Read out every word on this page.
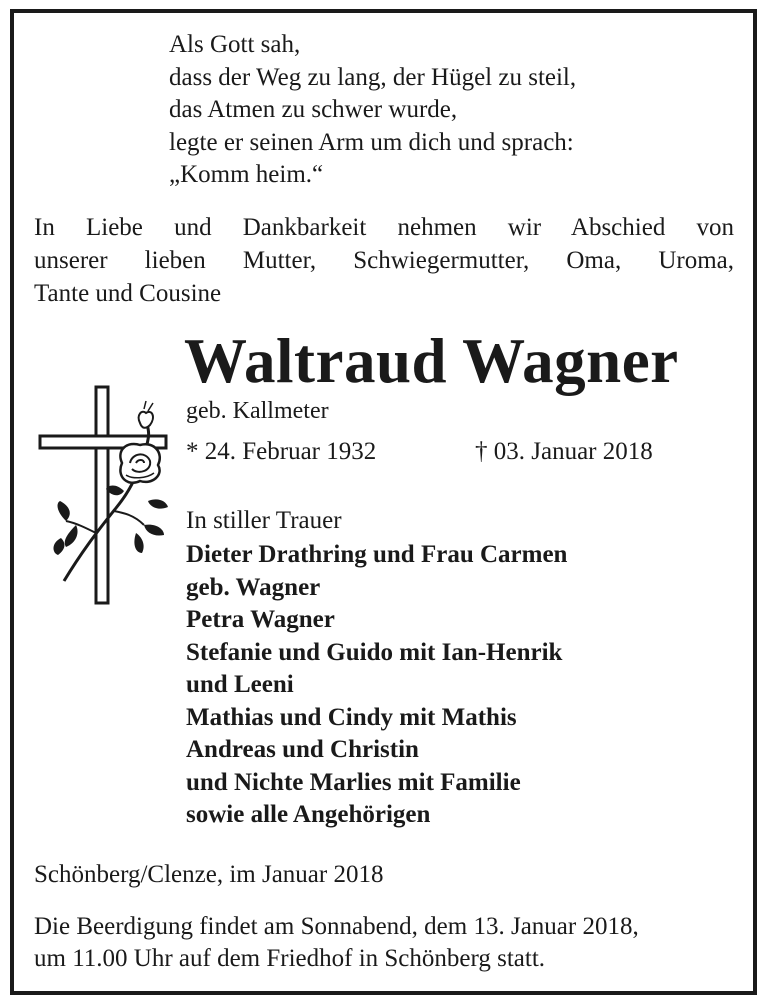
Als Gott sah,
dass der Weg zu lang, der Hügel zu steil,
das Atmen zu schwer wurde,
legte er seinen Arm um dich und sprach:
„Komm heim.“
In Liebe und Dankbarkeit nehmen wir Abschied von
unserer lieben Mutter, Schwiegermutter, Oma, Uroma,
Tante und Cousine
Waltraud Wagner
geb. Kallmeter
* 24. Februar 1932	† 03. Januar 2018
In stiller Trauer
Dieter Drathring und Frau Carmen
geb. Wagner
Petra Wagner
Stefanie und Guido mit Ian-Henrik
und Leeni
Mathias und Cindy mit Mathis
Andreas und Christin
und Nichte Marlies mit Familie
sowie alle Angehörigen
Schönberg/Clenze, im Januar 2018
Die Beerdigung findet am Sonnabend, dem 13. Januar 2018,
um 11.00 Uhr auf dem Friedhof in Schönberg statt.
